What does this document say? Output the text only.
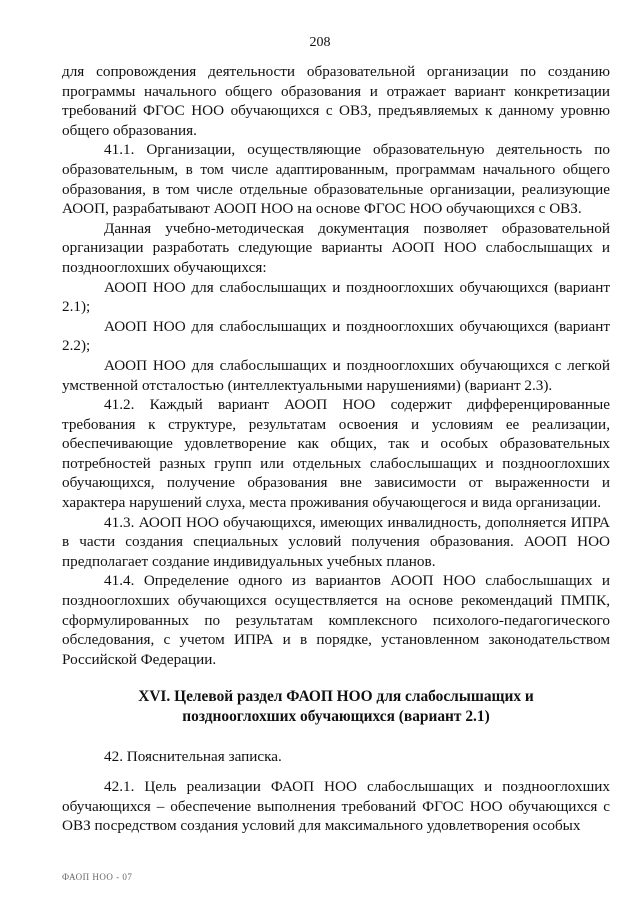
208

для сопровождения деятельности образовательной организации по созданию программы начального общего образования и отражает вариант конкретизации требований ФГОС НОО обучающихся с ОВЗ, предъявляемых к данному уровню общего образования.

41.1. Организации, осуществляющие образовательную деятельность по образовательным, в том числе адаптированным, программам начального общего образования, в том числе отдельные образовательные организации, реализующие АООП, разрабатывают АООП НОО на основе ФГОС НОО обучающихся с ОВЗ.

Данная учебно-методическая документация позволяет образовательной организации разработать следующие варианты АООП НОО слабослышащих и позднооглохших обучающихся:

АООП НОО для слабослышащих и позднооглохших обучающихся (вариант 2.1);

АООП НОО для слабослышащих и позднооглохших обучающихся (вариант 2.2);

АООП НОО для слабослышащих и позднооглохших обучающихся с легкой умственной отсталостью (интеллектуальными нарушениями) (вариант 2.3).

41.2. Каждый вариант АООП НОО содержит дифференцированные требования к структуре, результатам освоения и условиям ее реализации, обеспечивающие удовлетворение как общих, так и особых образовательных потребностей разных групп или отдельных слабослышащих и позднооглохших обучающихся, получение образования вне зависимости от выраженности и характера нарушений слуха, места проживания обучающегося и вида организации.

41.3. АООП НОО обучающихся, имеющих инвалидность, дополняется ИПРА в части создания специальных условий получения образования. АООП НОО предполагает создание индивидуальных учебных планов.

41.4. Определение одного из вариантов АООП НОО слабослышащих и позднооглохших обучающихся осуществляется на основе рекомендаций ПМПК, сформулированных по результатам комплексного психолого-педагогического обследования, с учетом ИПРА и в порядке, установленном законодательством Российской Федерации.

XVI. Целевой раздел ФАОП НОО для слабослышащих и позднооглохших обучающихся (вариант 2.1)

42. Пояснительная записка.

42.1. Цель реализации ФАОП НОО слабослышащих и позднооглохших обучающихся – обеспечение выполнения требований ФГОС НОО обучающихся с ОВЗ посредством создания условий для максимального удовлетворения особых

ФАОП НОО - 07
